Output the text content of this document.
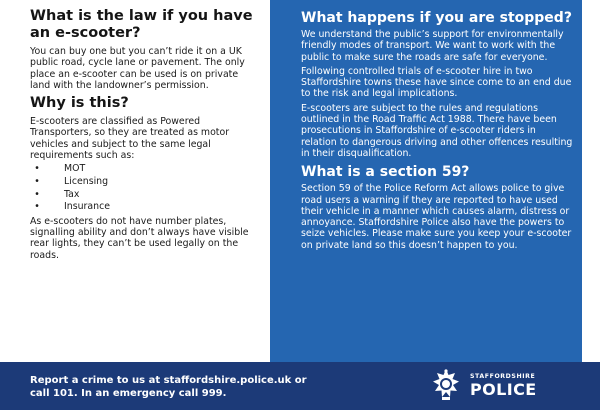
What is the law if you have an e-scooter?

You can buy one but you can’t ride it on a UK public road, cycle lane or pavement. The only place an e-scooter can be used is on private land with the landowner’s permission.

Why is this?

E-scooters are classified as Powered Transporters, so they are treated as motor vehicles and subject to the same legal requirements such as:

•	MOT
•	Licensing
•	Tax
•	Insurance

As e-scooters do not have number plates, signalling ability and don’t always have visible rear lights, they can’t be used legally on the roads.

What happens if you are stopped?

We understand the public’s support for environmentally friendly modes of transport. We want to work with the public to make sure the roads are safe for everyone.

Following controlled trials of e-scooter hire in two Staffordshire towns these have since come to an end due to the risk and legal implications.

E-scooters are subject to the rules and regulations outlined in the Road Traffic Act 1988. There have been prosecutions in Staffordshire of e-scooter riders in relation to dangerous driving and other offences resulting in their disqualification.

What is a section 59?

Section 59 of the Police Reform Act allows police to give road users a warning if they are reported to have used their vehicle in a manner which causes alarm, distress or annoyance. Staffordshire Police also have the powers to seize vehicles. Please make sure you keep your e-scooter on private land so this doesn’t happen to you.

Report a crime to us at staffordshire.police.uk or
call 101. In an emergency call 999.
STAFFORDSHIRE
POLICE
